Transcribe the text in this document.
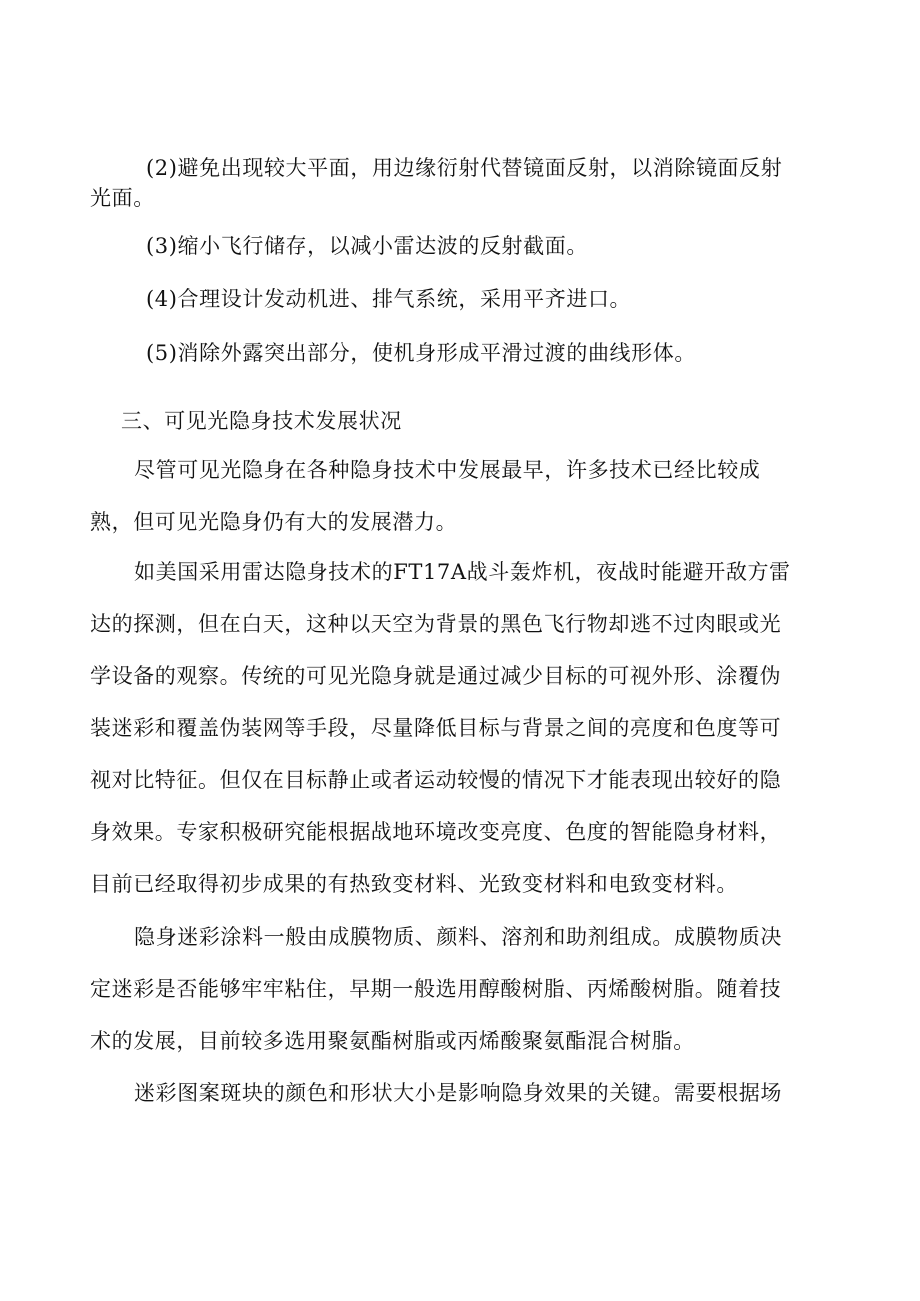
(2)避免出现较大平面，用边缘衍射代替镜面反射，以消除镜面反射
光面。
(3)缩小飞行储存，以减小雷达波的反射截面。
(4)合理设计发动机进、排气系统，采用平齐进口。
(5)消除外露突出部分，使机身形成平滑过渡的曲线形体。
三、可见光隐身技术发展状况
尽管可见光隐身在各种隐身技术中发展最早，许多技术已经比较成
熟，但可见光隐身仍有大的发展潜力。
如美国采用雷达隐身技术的FT17A战斗轰炸机，夜战时能避开敌方雷
达的探测，但在白天，这种以天空为背景的黑色飞行物却逃不过肉眼或光
学设备的观察。传统的可见光隐身就是通过减少目标的可视外形、涂覆伪
装迷彩和覆盖伪装网等手段，尽量降低目标与背景之间的亮度和色度等可
视对比特征。但仅在目标静止或者运动较慢的情况下才能表现出较好的隐
身效果。专家积极研究能根据战地环境改变亮度、色度的智能隐身材料，
目前已经取得初步成果的有热致变材料、光致变材料和电致变材料。
隐身迷彩涂料一般由成膜物质、颜料、溶剂和助剂组成。成膜物质决
定迷彩是否能够牢牢粘住，早期一般选用醇酸树脂、丙烯酸树脂。随着技
术的发展，目前较多选用聚氨酯树脂或丙烯酸聚氨酯混合树脂。
迷彩图案斑块的颜色和形状大小是影响隐身效果的关键。需要根据场
